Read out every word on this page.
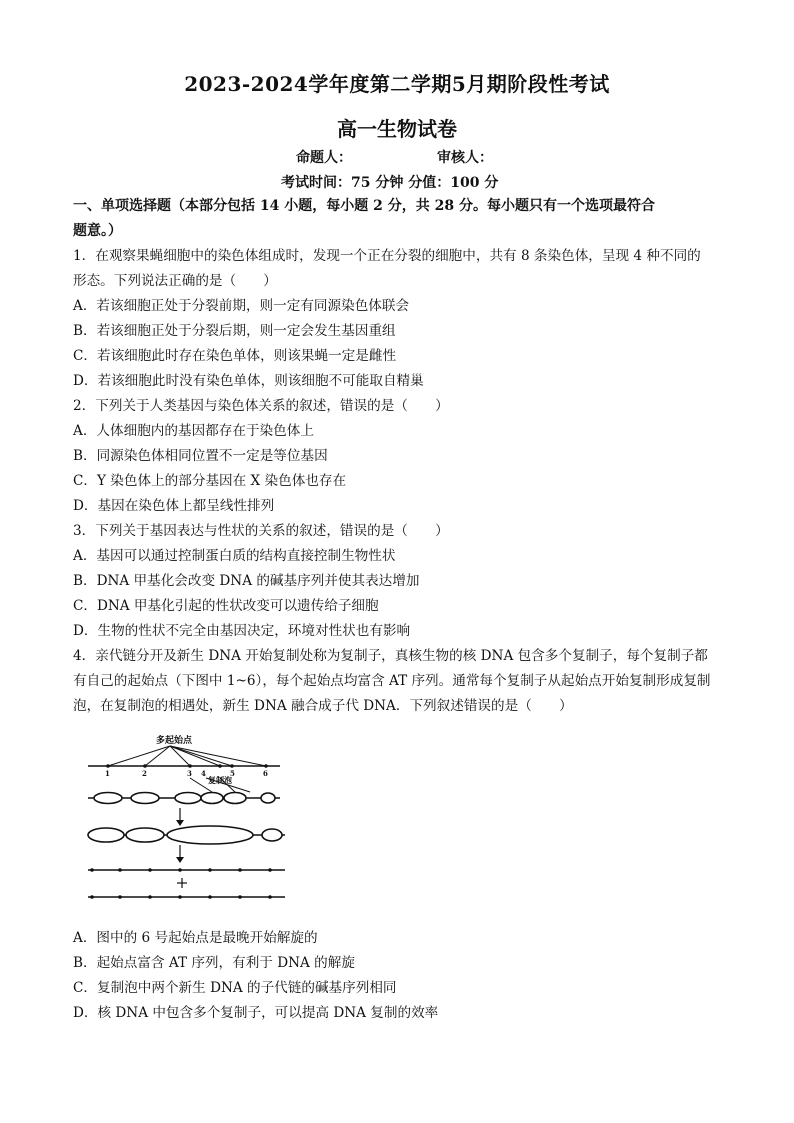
2023-2024学年度第二学期5月期阶段性考试
高一生物试卷
命题人：	审核人：
考试时间：75 分钟 分值：100 分
一、单项选择题（本部分包括 14 小题，每小题 2 分，共 28 分。每小题只有一个选项最符合
题意。）
1．在观察果蝇细胞中的染色体组成时，发现一个正在分裂的细胞中，共有 8 条染色体，呈现 4 种不同的
形态。下列说法正确的是（　　）
A．若该细胞正处于分裂前期，则一定有同源染色体联会
B．若该细胞正处于分裂后期，则一定会发生基因重组
C．若该细胞此时存在染色单体，则该果蝇一定是雌性
D．若该细胞此时没有染色单体，则该细胞不可能取自精巢
2．下列关于人类基因与染色体关系的叙述，错误的是（　　）
A．人体细胞内的基因都存在于染色体上
B．同源染色体相同位置不一定是等位基因
C．Y 染色体上的部分基因在 X 染色体也存在
D．基因在染色体上都呈线性排列
3．下列关于基因表达与性状的关系的叙述，错误的是（　　）
A．基因可以通过控制蛋白质的结构直接控制生物性状
B．DNA 甲基化会改变 DNA 的碱基序列并使其表达增加
C．DNA 甲基化引起的性状改变可以遗传给子细胞
D．生物的性状不完全由基因决定，环境对性状也有影响
4．亲代链分开及新生 DNA 开始复制处称为复制子，真核生物的核 DNA 包含多个复制子，每个复制子都
有自己的起始点（下图中 1~6），每个起始点均富含 AT 序列。通常每个复制子从起始点开始复制形成复制
泡，在复制泡的相遇处，新生 DNA 融合成子代 DNA．下列叙述错误的是（　　）
多起始点
复制泡
1	2	3 4	5	6
A．图中的 6 号起始点是最晚开始解旋的
B．起始点富含 AT 序列，有利于 DNA 的解旋
C．复制泡中两个新生 DNA 的子代链的碱基序列相同
D．核 DNA 中包含多个复制子，可以提高 DNA 复制的效率
